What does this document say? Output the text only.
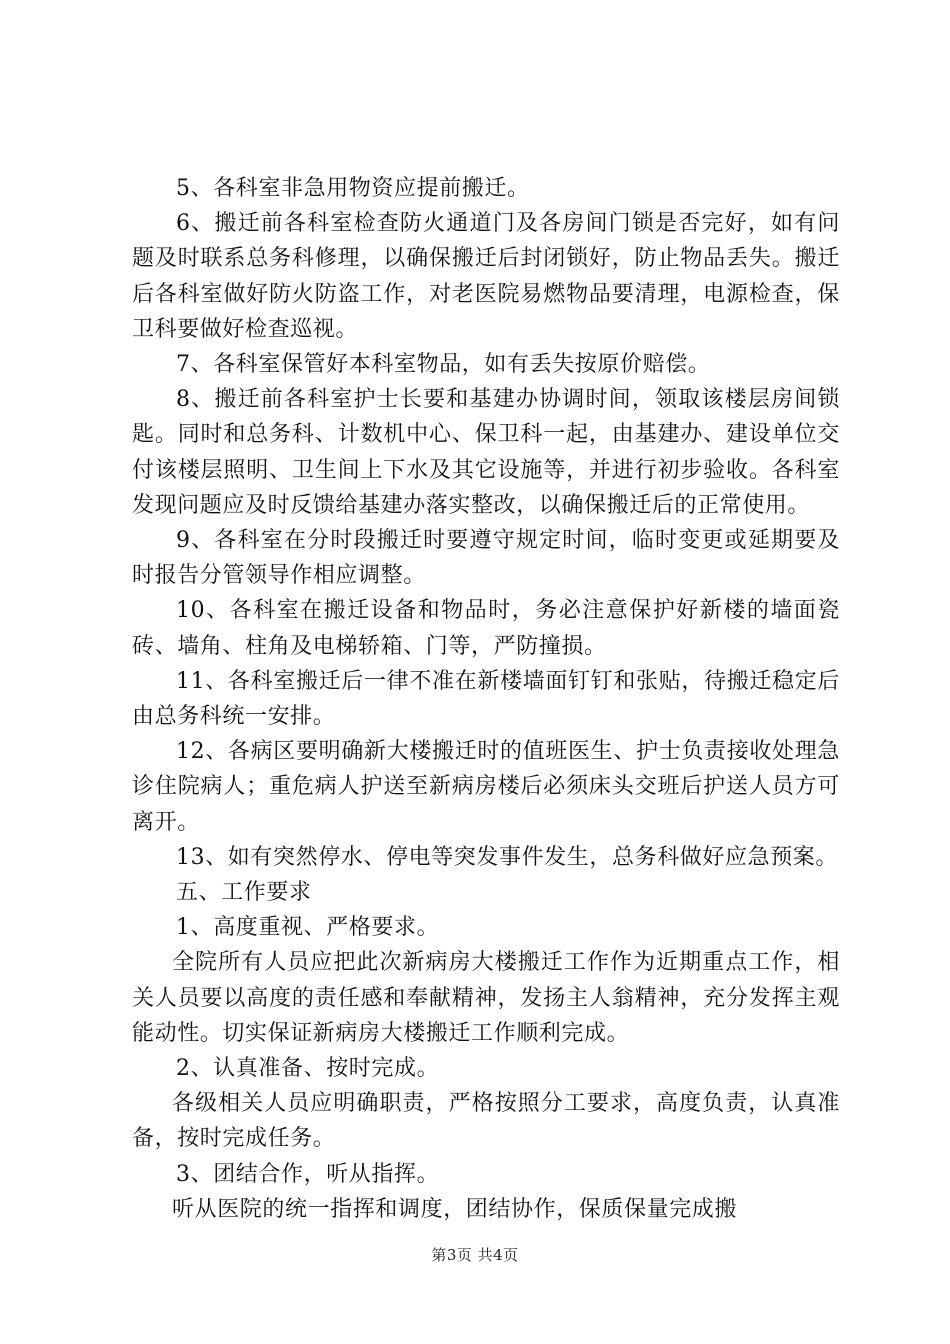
5、各科室非急用物资应提前搬迁。

6、搬迁前各科室检查防火通道门及各房间门锁是否完好，如有问题及时联系总务科修理，以确保搬迁后封闭锁好，防止物品丢失。搬迁后各科室做好防火防盗工作，对老医院易燃物品要清理，电源检查，保卫科要做好检查巡视。

7、各科室保管好本科室物品，如有丢失按原价赔偿。

8、搬迁前各科室护士长要和基建办协调时间，领取该楼层房间锁匙。同时和总务科、计数机中心、保卫科一起，由基建办、建设单位交付该楼层照明、卫生间上下水及其它设施等，并进行初步验收。各科室发现问题应及时反馈给基建办落实整改，以确保搬迁后的正常使用。

9、各科室在分时段搬迁时要遵守规定时间，临时变更或延期要及时报告分管领导作相应调整。

10、各科室在搬迁设备和物品时，务必注意保护好新楼的墙面瓷砖、墙角、柱角及电梯轿箱、门等，严防撞损。

11、各科室搬迁后一律不准在新楼墙面钉钉和张贴，待搬迁稳定后由总务科统一安排。

12、各病区要明确新大楼搬迁时的值班医生、护士负责接收处理急诊住院病人；重危病人护送至新病房楼后必须床头交班后护送人员方可离开。

13、如有突然停水、停电等突发事件发生，总务科做好应急预案。

五、工作要求

1、高度重视、严格要求。

全院所有人员应把此次新病房大楼搬迁工作作为近期重点工作，相关人员要以高度的责任感和奉献精神，发扬主人翁精神，充分发挥主观能动性。切实保证新病房大楼搬迁工作顺利完成。

2、认真准备、按时完成。

各级相关人员应明确职责，严格按照分工要求，高度负责，认真准备，按时完成任务。

3、团结合作，听从指挥。

听从医院的统一指挥和调度，团结协作，保质保量完成搬

第3页 共4页
